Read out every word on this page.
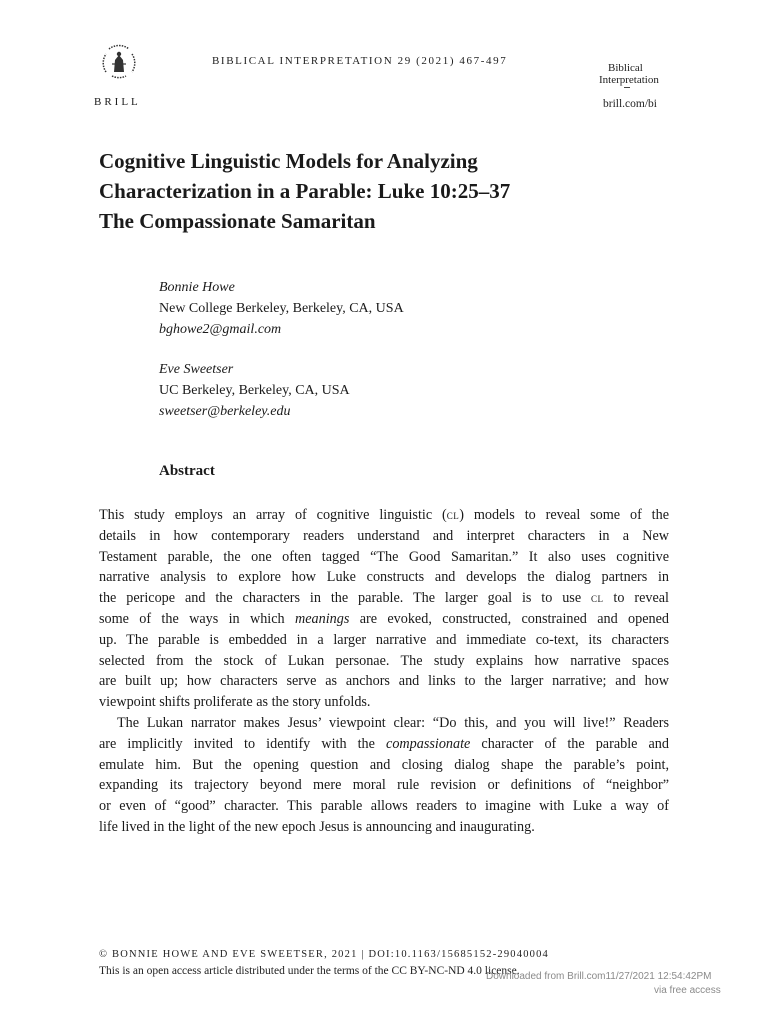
BRILL
BIBLICAL INTERPRETATION 29 (2021) 467-497
Biblical
Interpretation
brill.com/bi
Cognitive Linguistic Models for Analyzing
Characterization in a Parable: Luke 10:25–37
The Compassionate Samaritan
Bonnie Howe
New College Berkeley, Berkeley, CA, USA
bghowe2@gmail.com
Eve Sweetser
UC Berkeley, Berkeley, CA, USA
sweetser@berkeley.edu
Abstract
This study employs an array of cognitive linguistic (cl) models to reveal some of the
details in how contemporary readers understand and interpret characters in a New
Testament parable, the one often tagged “The Good Samaritan.” It also uses cognitive
narrative analysis to explore how Luke constructs and develops the dialog partners in
the pericope and the characters in the parable. The larger goal is to use cl to reveal
some of the ways in which meanings are evoked, constructed, constrained and opened
up. The parable is embedded in a larger narrative and immediate co-text, its characters
selected from the stock of Lukan personae. The study explains how narrative spaces
are built up; how characters serve as anchors and links to the larger narrative; and how
viewpoint shifts proliferate as the story unfolds.
The Lukan narrator makes Jesus’ viewpoint clear: “Do this, and you will live!” Readers
are implicitly invited to identify with the compassionate character of the parable and
emulate him. But the opening question and closing dialog shape the parable’s point,
expanding its trajectory beyond mere moral rule revision or definitions of “neighbor”
or even of “good” character. This parable allows readers to imagine with Luke a way of
life lived in the light of the new epoch Jesus is announcing and inaugurating.
© BONNIE HOWE AND EVE SWEETSER, 2021 | DOI:10.1163/15685152-29040004
This is an open access article distributed under the terms of the CC BY-NC-ND 4.0 license.
Downloaded from Brill.com11/27/2021 12:54:42PM
via free access
